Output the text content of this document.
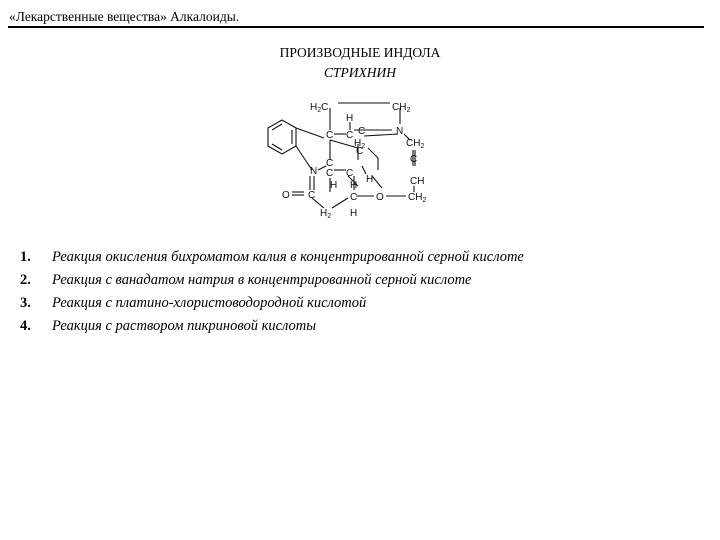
«Лекарственные вещества» Алкалоиды.
ПРОИЗВОДНЫЕ ИНДОЛА
СТРИХНИН
$H_2C$	$CH_2$
H
C	N
$CH_2$
C C
$H_2$
C
C
N C C
C
H
H	CH
O C
H
C O $CH_2$
$H_2$ H
1.	Реакция окисления бихроматом калия в концентрированной серной кислоте
2.	Реакция с ванадатом натрия в концентрированной серной кислоте
3.	Реакция с платино-хлористоводородной кислотой
4.	Реакция с раствором пикриновой кислоты
